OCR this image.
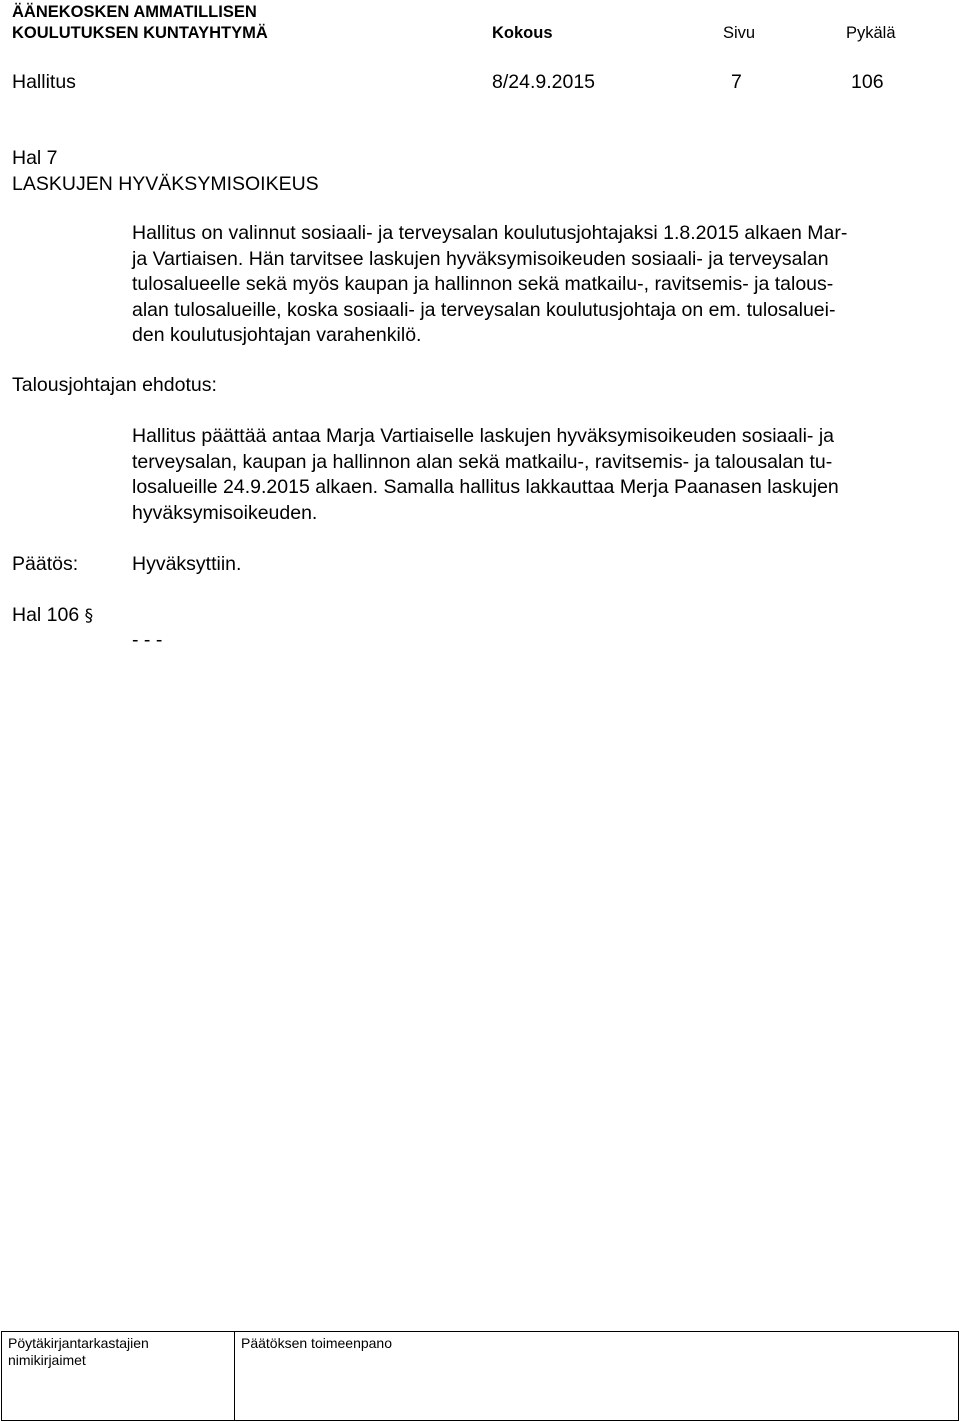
ÄÄNEKOSKEN AMMATILLISEN
KOULUTUKSEN KUNTAYHTYMÄ	Kokous	Sivu	Pykälä
Hallitus	8/24.9.2015	7	106
Hal 7
LASKUJEN HYVÄKSYMISOIKEUS
Hallitus on valinnut sosiaali- ja terveysalan koulutusjohtajaksi 1.8.2015 alkaen Mar-
ja Vartiaisen. Hän tarvitsee laskujen hyväksymisoikeuden sosiaali- ja terveysalan
tulosalueelle sekä myös kaupan ja hallinnon sekä matkailu-, ravitsemis- ja talous-
alan tulosalueille, koska sosiaali- ja terveysalan koulutusjohtaja on em. tulosaluei-
den koulutusjohtajan varahenkilö.
Talousjohtajan ehdotus:
Hallitus päättää antaa Marja Vartiaiselle laskujen hyväksymisoikeuden sosiaali- ja
terveysalan, kaupan ja hallinnon alan sekä matkailu-, ravitsemis- ja talousalan tu-
losalueille 24.9.2015 alkaen. Samalla hallitus lakkauttaa Merja Paanasen laskujen
hyväksymisoikeuden.
Päätös:	Hyväksyttiin.
Hal 106 §
- - -
Pöytäkirjantarkastajien
nimikirjaimet
Päätöksen toimeenpano
